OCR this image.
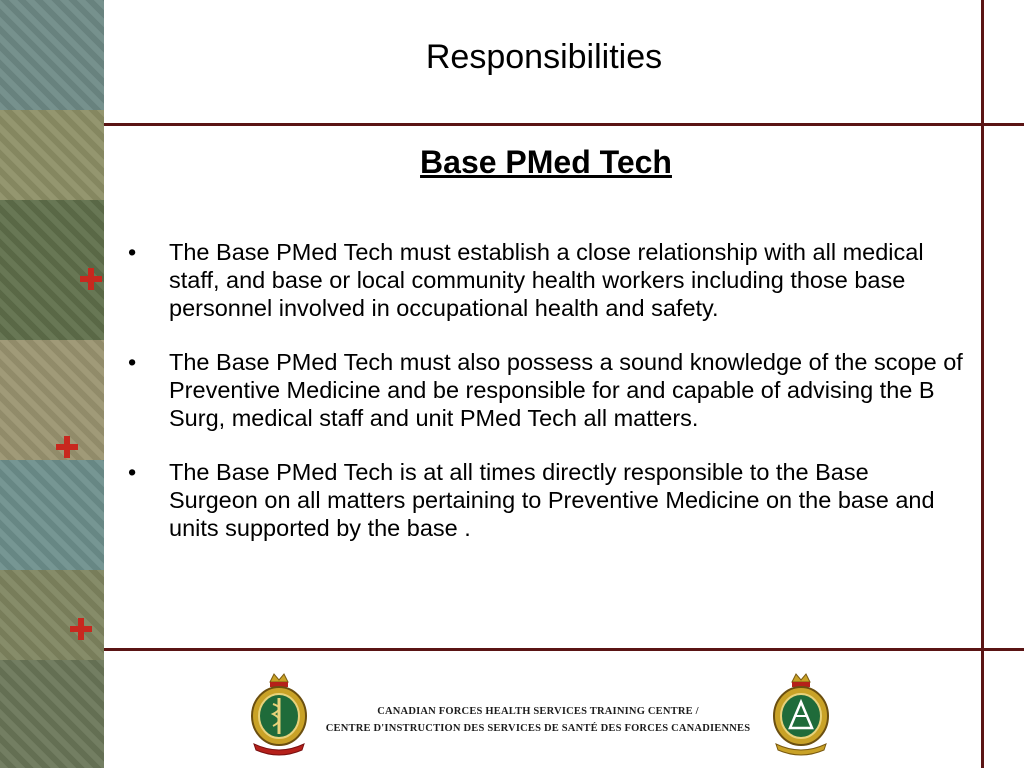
Responsibilities
Base PMed Tech
• The Base PMed Tech must establish a close relationship with all medical staff, and base or local community health workers including those base personnel involved in occupational health and safety.
• The Base PMed Tech must also possess a sound knowledge of the scope of Preventive Medicine and be responsible for and capable of advising the B Surg, medical staff and unit PMed Tech all matters.
• The Base PMed Tech is at all times directly responsible to the Base Surgeon on all matters pertaining to Preventive Medicine on the base and units supported by the base .
CANADIAN FORCES HEALTH SERVICES TRAINING CENTRE /
CENTRE D'INSTRUCTION DES SERVICES DE SANTÉ DES FORCES CANADIENNES
